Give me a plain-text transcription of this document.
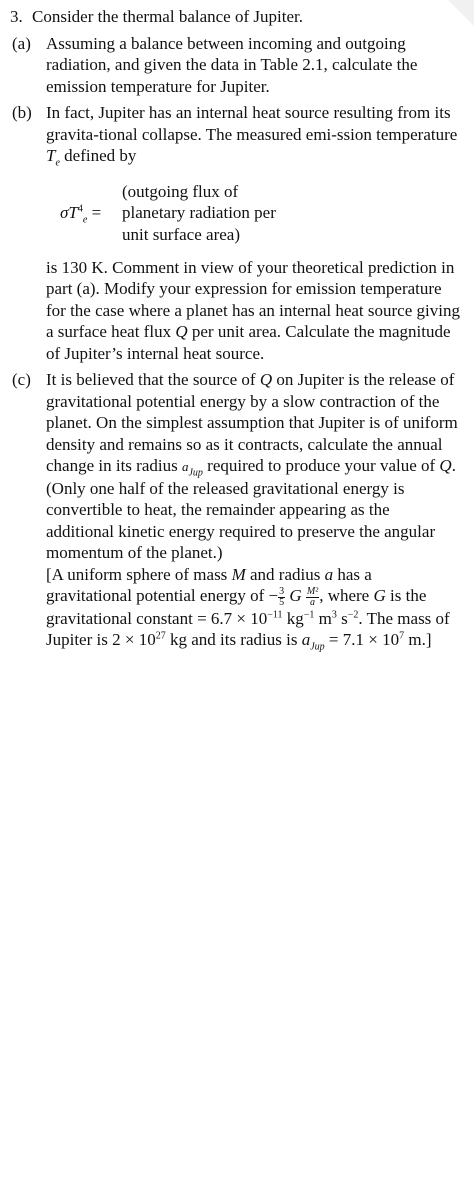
3. Consider the thermal balance of Jupiter.
(a) Assuming a balance between incoming and outgoing radiation, and given the data in Table 2.1, calculate the emission temperature for Jupiter.

(b) In fact, Jupiter has an internal heat source resulting from its gravita-tional collapse. The measured emi-ssion temperature $T_e$ defined by

$\sigma T^4_e$ =
(outgoing flux of
planetary radiation per
unit surface area)

is 130 K. Comment in view of your theoretical prediction in part (a). Modify your expression for emission temperature for the case where a planet has an internal heat source giving a surface heat flux Q per unit area. Calculate the magnitude of Jupiter’s internal heat source.

(c) It is believed that the source of Q on Jupiter is the release of gravitational potential energy by a slow contraction of the planet. On the simplest assumption that Jupiter is of uniform density and remains so as it contracts, calculate the annual change in its radius $a_{Jup}$ required to produce your value of Q. (Only one half of the released gravitational energy is convertible to heat, the remainder appearing as the additional kinetic energy required to preserve the angular momentum of the planet.)

[A uniform sphere of mass M and radius a has a gravitational potential energy of − $\frac{3}{5}$ G $\frac{\text{M²}}{a}$ , where G is the gravitational constant = $6.7 \times 10^{-11}$ $kg^{-1}$ $m^3$ $s^{-2}$. The mass of Jupiter is $2 \times 10^{27}$ kg and its radius is $a_{Jup} = 7.1 \times 10^7$ m.]
